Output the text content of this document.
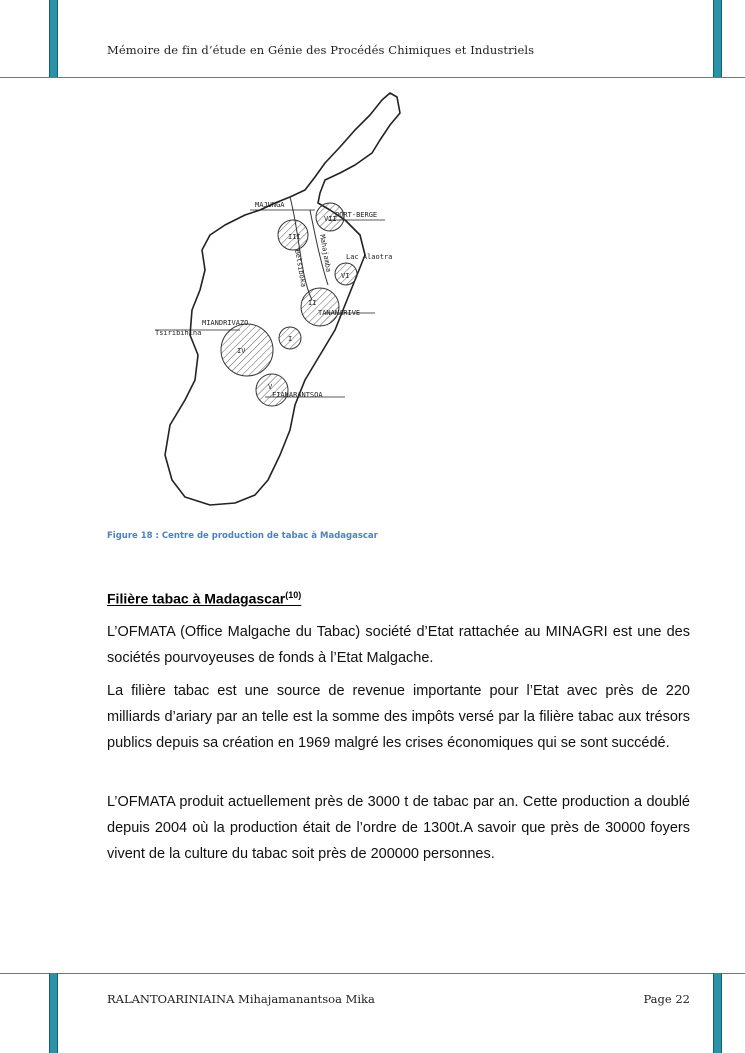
Mémoire de fin d’étude en Génie des Procédés Chimiques et Industriels
MAJUNGA
PORT-BERGE
Lac Alaotra
TANANARIVE
MIANDRIVAZO
Tsiribihina
FIANARANTSOA
Betsiboka Mahajamba
VII
III
VI
II
I
IV
V
Figure 18 : Centre de production de tabac à Madagascar
Filière tabac à Madagascar$^{(10)}$

L’OFMATA (Office Malgache du Tabac) société d’Etat rattachée au MINAGRI est une des sociétés pourvoyeuses de fonds à l’Etat Malgache.

La filière tabac est une source de revenue importante pour l’Etat avec près de 220 milliards d’ariary par an telle est la somme des impôts versé par la filière tabac aux trésors publics depuis sa création en 1969 malgré les crises économiques qui se sont succédé.

L’OFMATA produit actuellement près de 3000 t de tabac par an. Cette production a doublé depuis 2004 où la production était de l’ordre de 1300t.A savoir que près de 30000 foyers vivent de la culture du tabac soit près de 200000 personnes.

RALANTOARINIAINA Mihajamanantsoa Mika	Page 22
